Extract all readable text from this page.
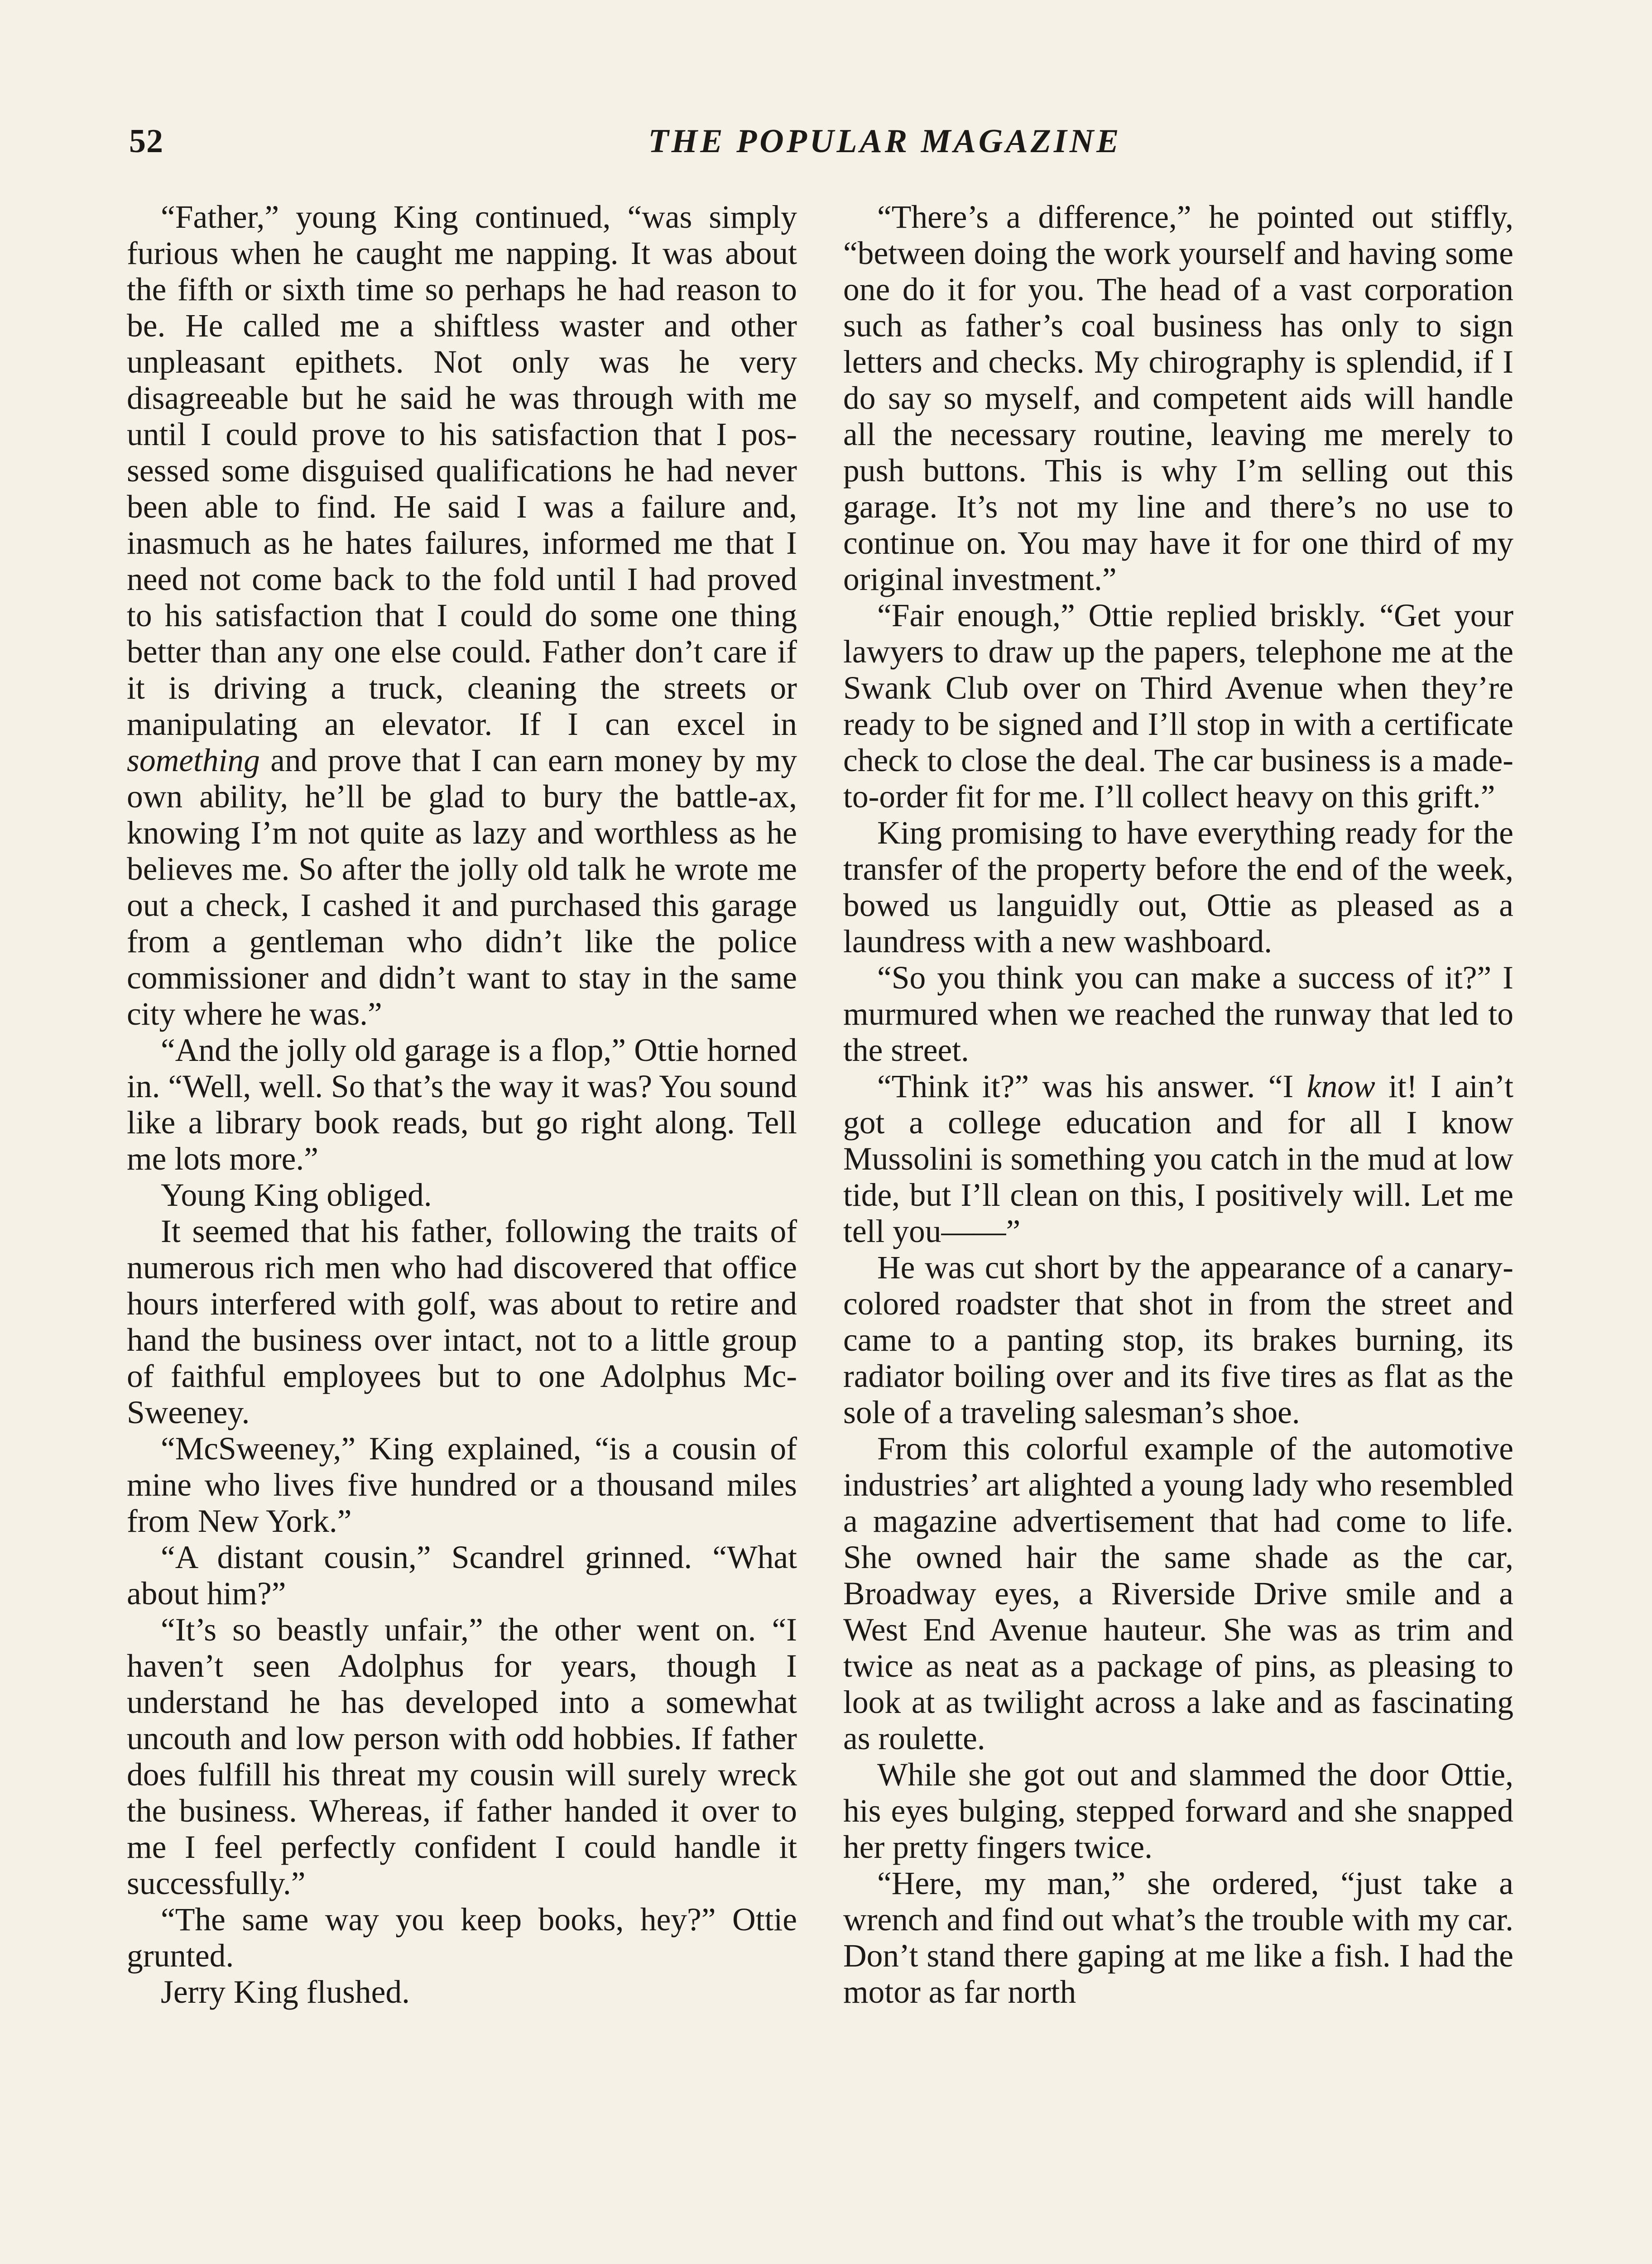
52	THE POPULAR MAGAZINE

“Father,” young King continued, “was simply furious when he caught me napping. It was about the fifth or sixth time so perhaps he had reason to be. He called me a shiftless waster and other unpleasant epithets. Not only was he very disagreeable but he said he was through with me until I could prove to his satisfaction that I possessed some disguised qualifications he had never been able to find. He said I was a failure and, inasmuch as he hates failures, informed me that I need not come back to the fold until I had proved to his satisfaction that I could do some one thing better than any one else could. Father don’t care if it is driving a truck, cleaning the streets or manipulating an elevator. If I can excel in something and prove that I can earn money by my own ability, he’ll be glad to bury the battle-ax, knowing I’m not quite as lazy and worthless as he believes me. So after the jolly old talk he wrote me out a check, I cashed it and purchased this garage from a gentleman who didn’t like the police commissioner and didn’t want to stay in the same city where he was.”

“And the jolly old garage is a flop,” Ottie horned in. “Well, well. So that’s the way it was? You sound like a library book reads, but go right along. Tell me lots more.”

Young King obliged.

It seemed that his father, following the traits of numerous rich men who had discovered that office hours interfered with golf, was about to retire and hand the business over intact, not to a little group of faithful employees but to one Adolphus McSweeney.

“McSweeney,” King explained, “is a cousin of mine who lives five hundred or a thousand miles from New York.”

“A distant cousin,” Scandrel grinned. “What about him?”

“It’s so beastly unfair,” the other went on. “I haven’t seen Adolphus for years, though I understand he has developed into a somewhat uncouth and low person with odd hobbies. If father does fulfill his threat my cousin will surely wreck the business. Whereas, if father handed it over to me I feel perfectly confident I could handle it successfully.”

“The same way you keep books, hey?” Ottie grunted.

Jerry King flushed.

“There’s a difference,” he pointed out stiffly, “between doing the work yourself and having some one do it for you. The head of a vast corporation such as father’s coal business has only to sign letters and checks. My chirography is splendid, if I do say so myself, and competent aids will handle all the necessary routine, leaving me merely to push buttons. This is why I’m selling out this garage. It’s not my line and there’s no use to continue on. You may have it for one third of my original investment.”

“Fair enough,” Ottie replied briskly. “Get your lawyers to draw up the papers, telephone me at the Swank Club over on Third Avenue when they’re ready to be signed and I’ll stop in with a certificate check to close the deal. The car business is a made-to-order fit for me. I’ll collect heavy on this grift.”

King promising to have everything ready for the transfer of the property before the end of the week, bowed us languidly out, Ottie as pleased as a laundress with a new washboard.

“So you think you can make a success of it?” I murmured when we reached the runway that led to the street.

“Think it?” was his answer. “I know it! I ain’t got a college education and for all I know Mussolini is something you catch in the mud at low tide, but I’ll clean on this, I positively will. Let me tell you——”

He was cut short by the appearance of a canary-colored roadster that shot in from the street and came to a panting stop, its brakes burning, its radiator boiling over and its five tires as flat as the sole of a traveling salesman’s shoe.

From this colorful example of the automotive industries’ art alighted a young lady who resembled a magazine advertisement that had come to life. She owned hair the same shade as the car, Broadway eyes, a Riverside Drive smile and a West End Avenue hauteur. She was as trim and twice as neat as a package of pins, as pleasing to look at as twilight across a lake and as fascinating as roulette.

While she got out and slammed the door Ottie, his eyes bulging, stepped forward and she snapped her pretty fingers twice.

“Here, my man,” she ordered, “just take a wrench and find out what’s the trouble with my car. Don’t stand there gaping at me like a fish. I had the motor as far north
